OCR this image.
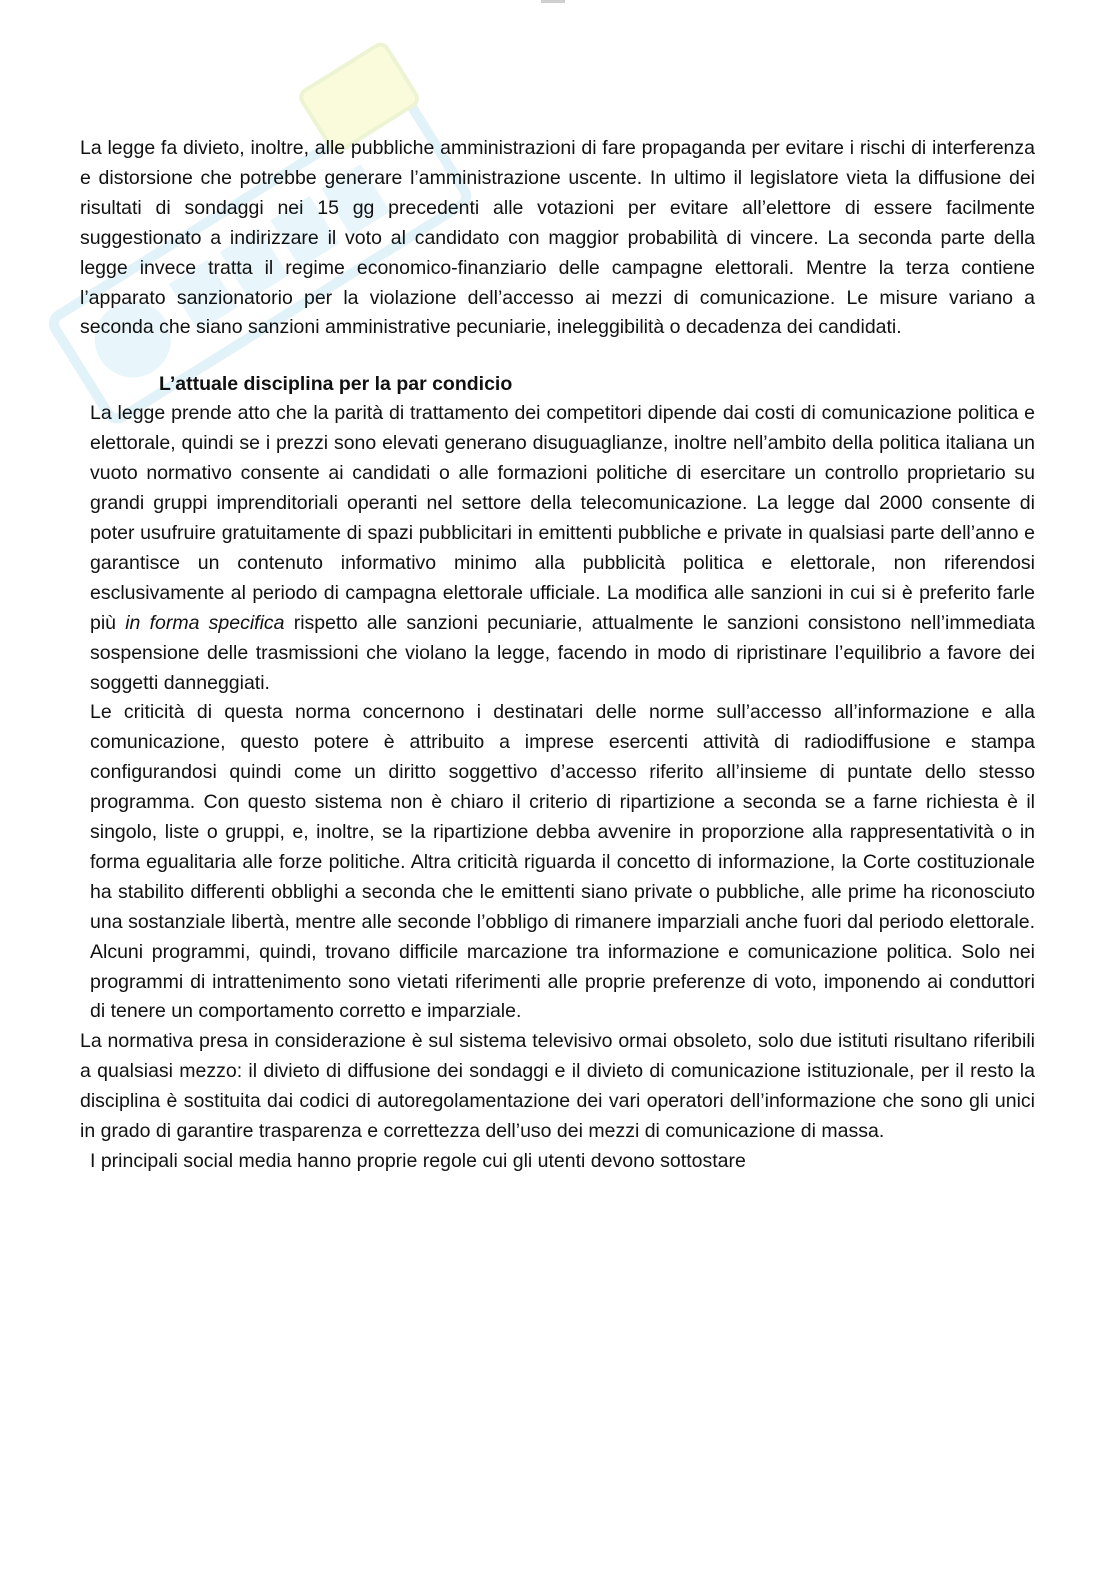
La legge fa divieto, inoltre, alle pubbliche amministrazioni di fare propaganda per evitare i rischi di interferenza e distorsione che potrebbe generare l’amministrazione uscente. In ultimo il legislatore vieta la diffusione dei risultati di sondaggi nei 15 gg precedenti alle votazioni per evitare all’elettore di essere facilmente suggestionato a indirizzare il voto al candidato con maggior probabilità di vincere. La seconda parte della legge invece tratta il regime economico-finanziario delle campagne elettorali. Mentre la terza contiene l’apparato sanzionatorio per la violazione dell’accesso ai mezzi di comunicazione. Le misure variano a seconda che siano sanzioni amministrative pecuniarie, ineleggibilità o decadenza dei candidati.

L’attuale disciplina per la par condicio

La legge prende atto che la parità di trattamento dei competitori dipende dai costi di comunicazione politica e elettorale, quindi se i prezzi sono elevati generano disuguaglianze, inoltre nell’ambito della politica italiana un vuoto normativo consente ai candidati o alle formazioni politiche di esercitare un controllo proprietario su grandi gruppi imprenditoriali operanti nel settore della telecomunicazione. La legge dal 2000 consente di poter usufruire gratuitamente di spazi pubblicitari in emittenti pubbliche e private in qualsiasi parte dell’anno e garantisce un contenuto informativo minimo alla pubblicità politica e elettorale, non riferendosi esclusivamente al periodo di campagna elettorale ufficiale. La modifica alle sanzioni in cui si è preferito farle più in forma specifica rispetto alle sanzioni pecuniarie, attualmente le sanzioni consistono nell’immediata sospensione delle trasmissioni che violano la legge, facendo in modo di ripristinare l’equilibrio a favore dei soggetti danneggiati.

Le criticità di questa norma concernono i destinatari delle norme sull’accesso all’informazione e alla comunicazione, questo potere è attribuito a imprese esercenti attività di radiodiffusione e stampa configurandosi quindi come un diritto soggettivo d’accesso riferito all’insieme di puntate dello stesso programma. Con questo sistema non è chiaro il criterio di ripartizione a seconda se a farne richiesta è il singolo, liste o gruppi, e, inoltre, se la ripartizione debba avvenire in proporzione alla rappresentatività o in forma egualitaria alle forze politiche. Altra criticità riguarda il concetto di informazione, la Corte costituzionale ha stabilito differenti obblighi a seconda che le emittenti siano private o pubbliche, alle prime ha riconosciuto una sostanziale libertà, mentre alle seconde l’obbligo di rimanere imparziali anche fuori dal periodo elettorale. Alcuni programmi, quindi, trovano difficile marcazione tra informazione e comunicazione politica. Solo nei programmi di intrattenimento sono vietati riferimenti alle proprie preferenze di voto, imponendo ai conduttori di tenere un comportamento corretto e imparziale.

La normativa presa in considerazione è sul sistema televisivo ormai obsoleto, solo due istituti risultano riferibili a qualsiasi mezzo: il divieto di diffusione dei sondaggi e il divieto di comunicazione istituzionale, per il resto la disciplina è sostituita dai codici di autoregolamentazione dei vari operatori dell’informazione che sono gli unici in grado di garantire trasparenza e correttezza dell’uso dei mezzi di comunicazione di massa.

I principali social media hanno proprie regole cui gli utenti devono sottostare
